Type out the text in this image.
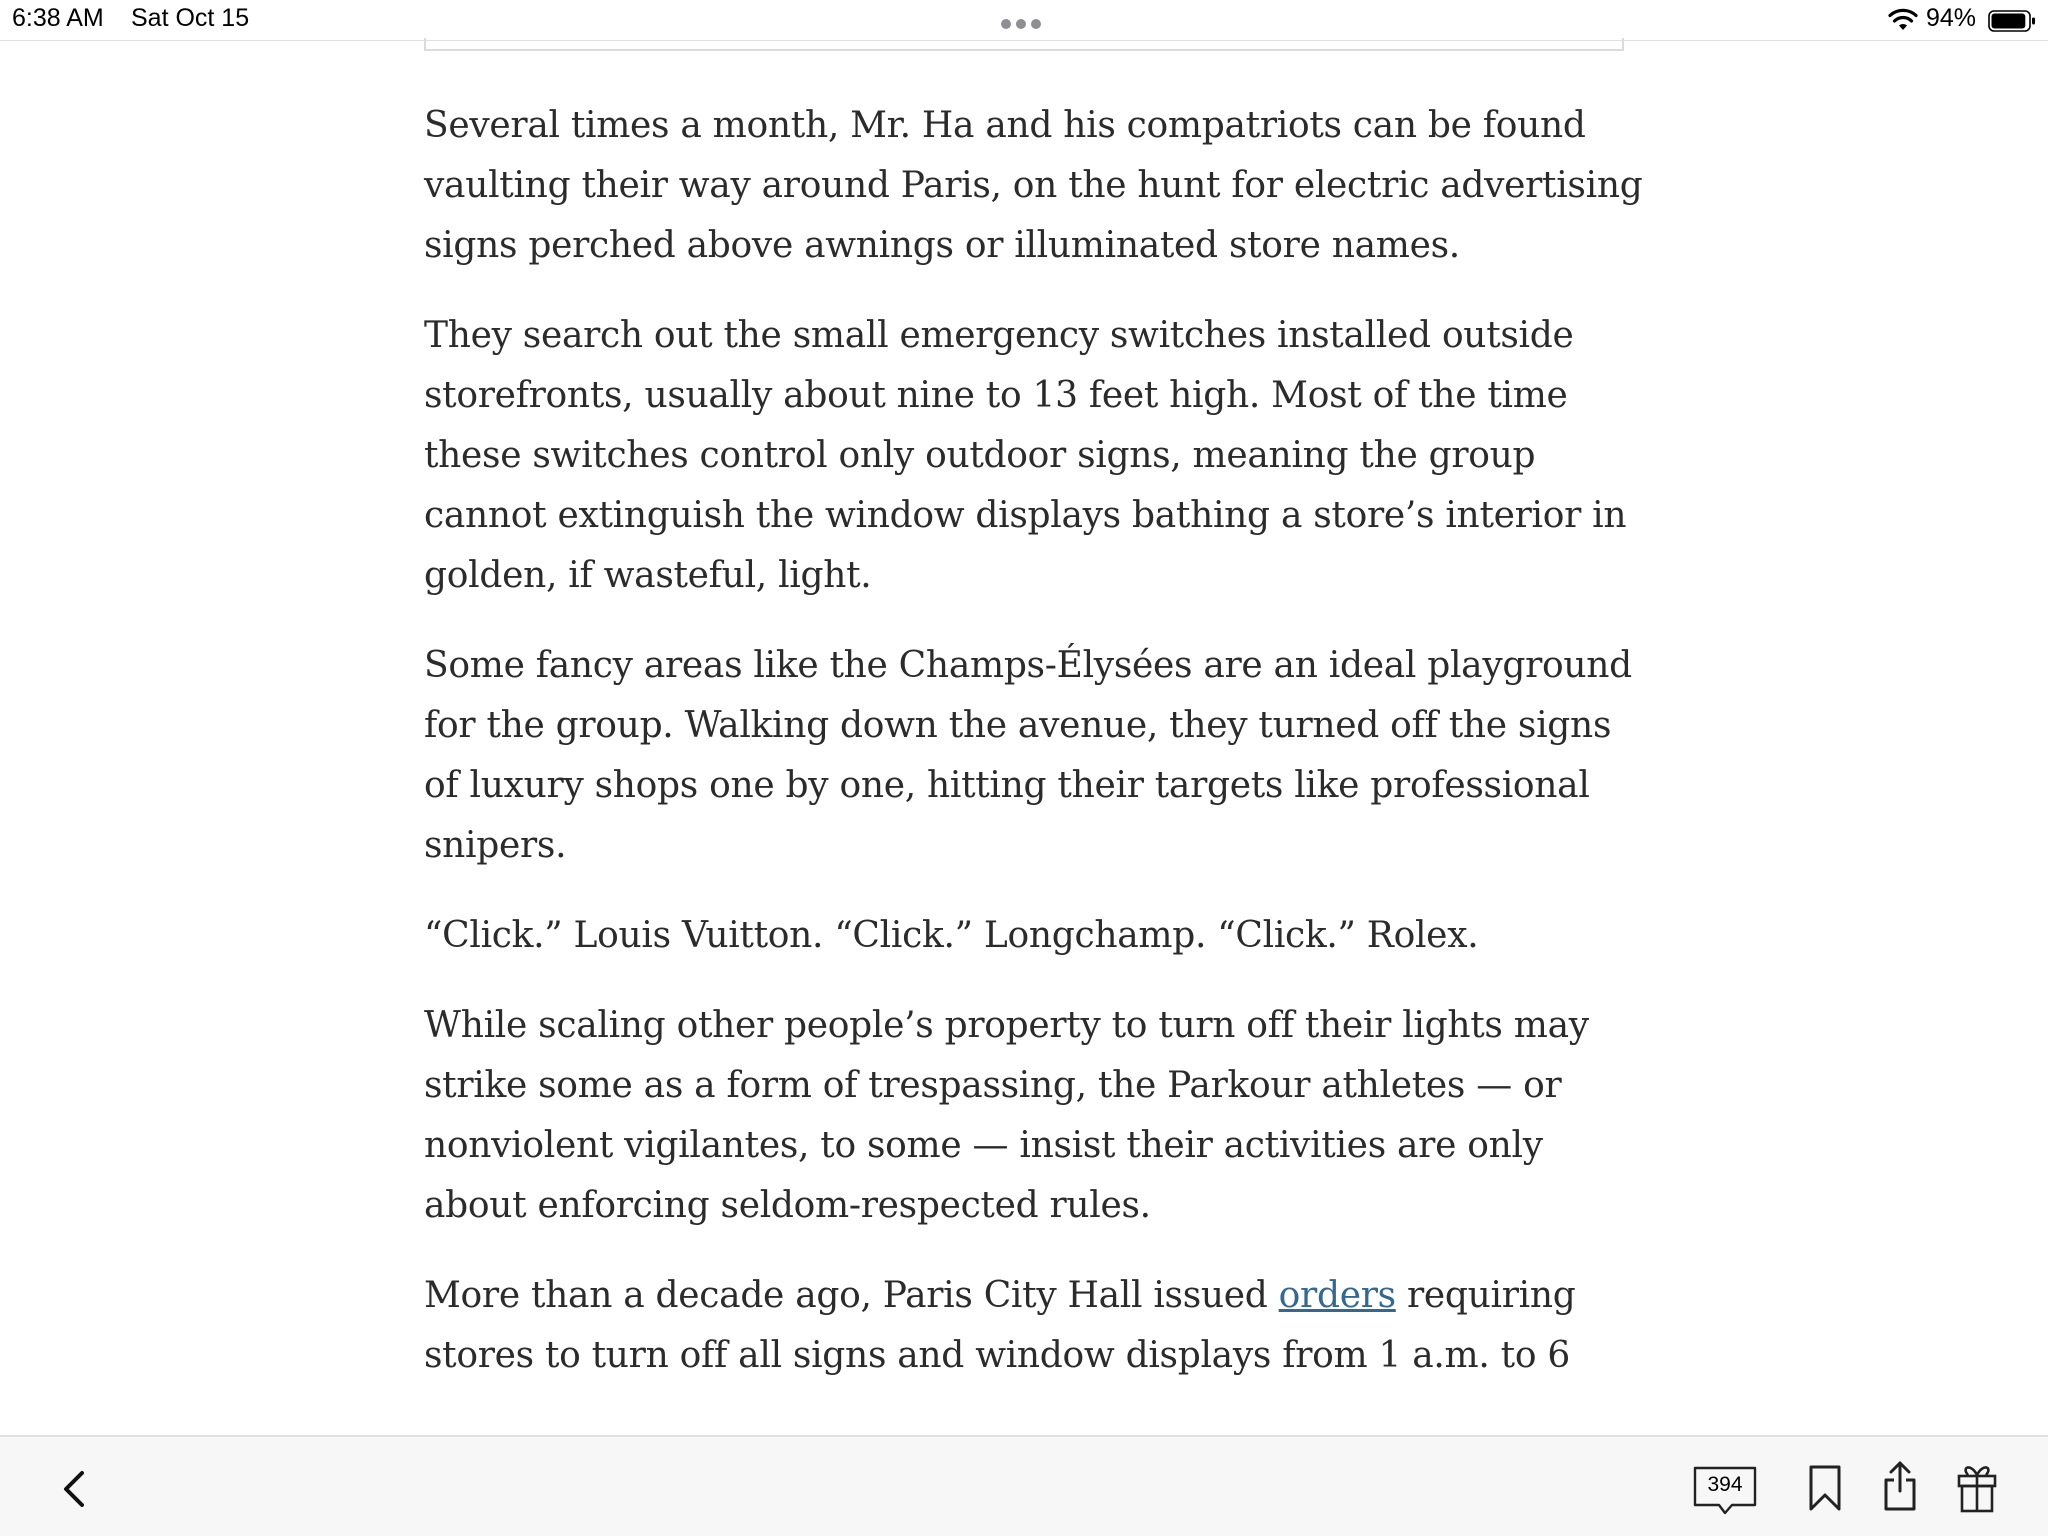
6:38 AM Sat Oct 15	94%

Several times a month, Mr. Ha and his compatriots can be found vaulting their way around Paris, on the hunt for electric advertising signs perched above awnings or illuminated store names.

They search out the small emergency switches installed outside storefronts, usually about nine to 13 feet high. Most of the time these switches control only outdoor signs, meaning the group cannot extinguish the window displays bathing a store’s interior in golden, if wasteful, light.

Some fancy areas like the Champs-Élysées are an ideal playground for the group. Walking down the avenue, they turned off the signs of luxury shops one by one, hitting their targets like professional snipers.

“Click.” Louis Vuitton. “Click.” Longchamp. “Click.” Rolex.

While scaling other people’s property to turn off their lights may strike some as a form of trespassing, the Parkour athletes — or nonviolent vigilantes, to some — insist their activities are only about enforcing seldom-respected rules.

More than a decade ago, Paris City Hall issued orders requiring stores to turn off all signs and window displays from 1 a.m. to 6

394
